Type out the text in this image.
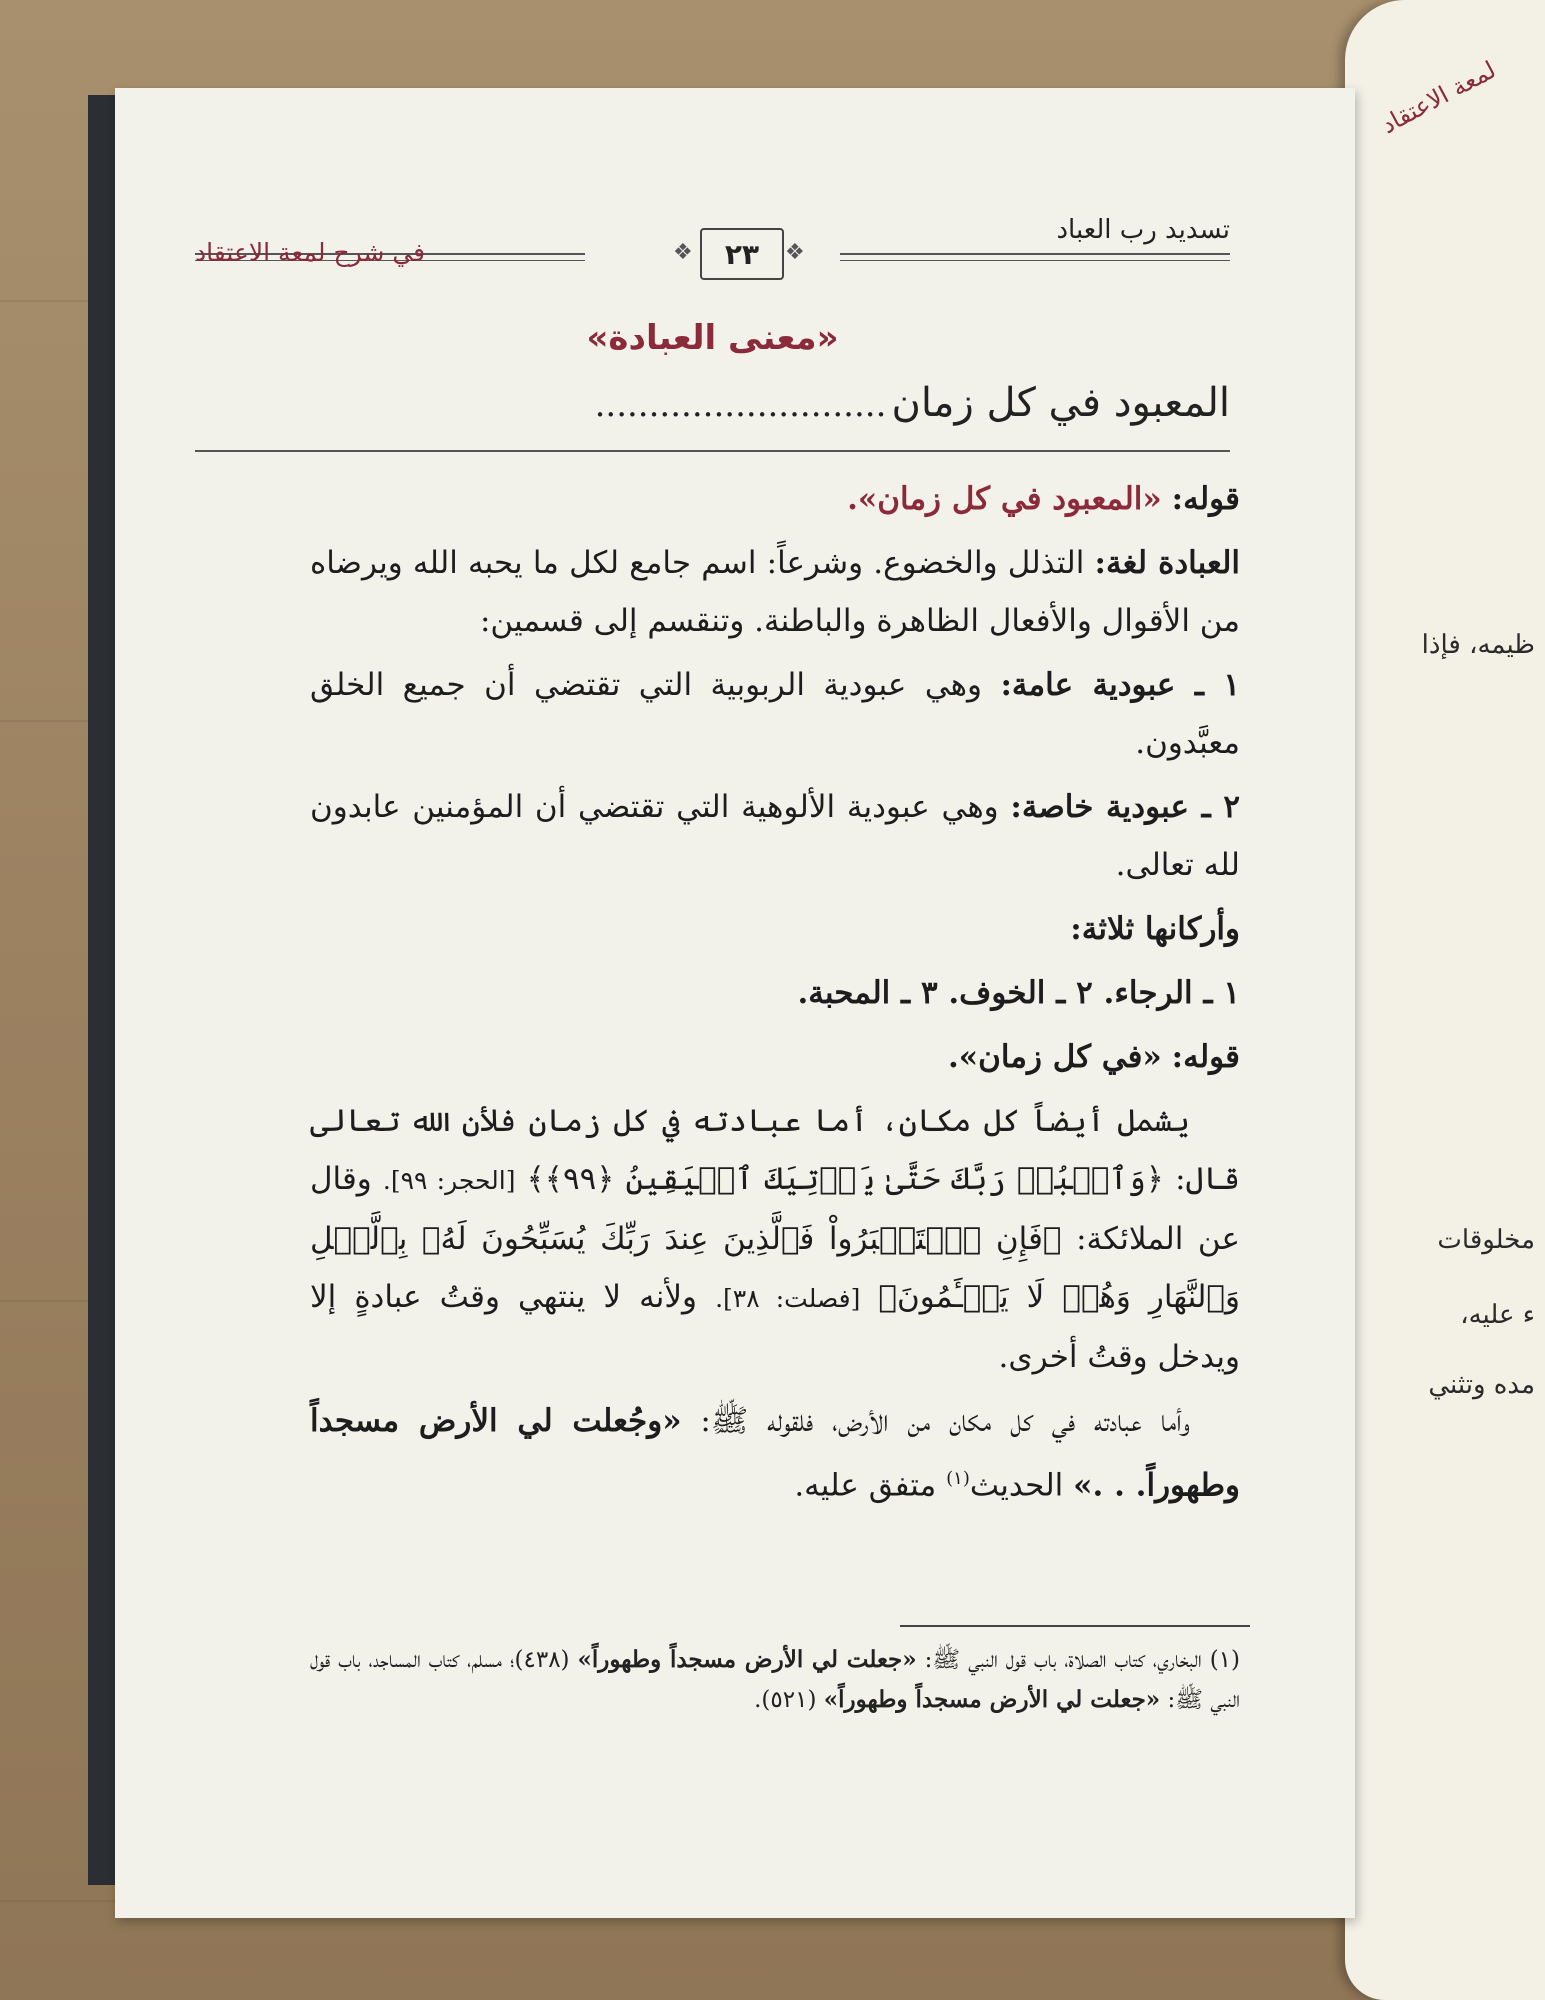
لمعة الاعتقاد
ظيمه، فإذا
مخلوقات
ء عليه،
مده وتثني
تسديد رب العباد
❖
٢٣
❖
في شرح لمعة الاعتقاد
«معنى العبادة»
المعبود في كل زمان ...........................

قوله: «المعبود في كل زمان».

العبادة لغة: التذلل والخضوع. وشرعاً: اسم جامع لكل ما يحبه الله ويرضاه من الأقوال والأفعال الظاهرة والباطنة. وتنقسم إلى قسمين:

١ ـ عبودية عامة: وهي عبودية الربوبية التي تقتضي أن جميع الخلق معبَّدون.

٢ ـ عبودية خاصة: وهي عبودية الألوهية التي تقتضي أن المؤمنين عابدون لله تعالى.

وأركانها ثلاثة:

١ ـ الرجاء. ٢ ـ الخوف. ٣ ـ المحبة.

قوله: «في كل زمان».

يشمل أيضاً كل مكان، أما عبادته في كل زمان فلأن الله تعالى قال: ﴿وَٱعۡبُدۡ رَبَّكَ حَتَّىٰ يَأۡتِيَكَ ٱلۡيَقِينُ ﴿٩٩﴾﴾ [الحجر: ٩٩]. وقال عن الملائكة: ﴿فَإِنِ ٱسۡتَكۡبَرُواْ فَٱلَّذِينَ عِندَ رَبِّكَ يُسَبِّحُونَ لَهُۥ بِٱلَّيۡلِ وَٱلنَّهَارِ وَهُمۡ لَا يَسۡـَٔمُونَ﴾ [فصلت: ٣٨]. ولأنه لا ينتهي وقتُ عبادةٍ إلا ويدخل وقتُ أخرى.

وأما عبادته في كل مكان من الأرض، فلقوله ﷺ: «وجُعلت لي الأرض مسجداً وطهوراً. . .» الحديث$^{(١)}$ متفق عليه.

(١) البخاري، كتاب الصلاة، باب قول النبي ﷺ: «جعلت لي الأرض مسجداً وطهوراً» (٤٣٨)؛ مسلم، كتاب المساجد، باب قول النبي ﷺ: «جعلت لي الأرض مسجداً وطهوراً» (٥٢١).
